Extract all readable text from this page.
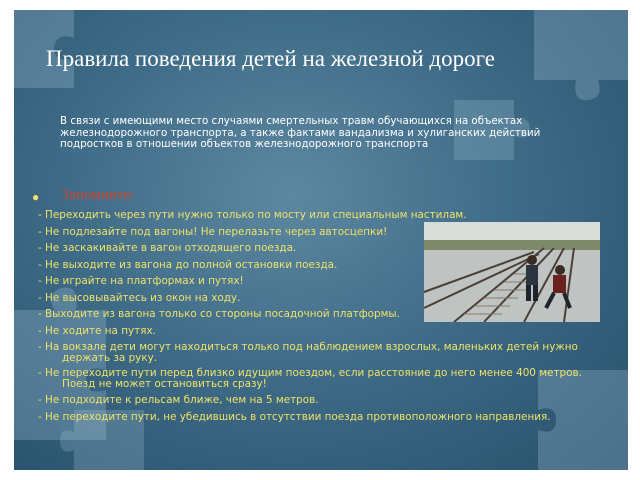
Правила поведения детей на железной дороге
В связи с имеющими место случаями смертельных травм обучающихся на объектах железнодорожного транспорта, а также фактами вандализма и хулиганских действий подростков в отношении объектов железнодорожного транспорта
● Запомните:
- Переходить через пути нужно только по мосту или специальным настилам.
- Не подлезайте под вагоны! Не перелазьте через автосцепки!
- Не заскакивайте в вагон отходящего поезда.
- Не выходите из вагона до полной остановки поезда.
- Не играйте на платформах и путях!
- Не высовывайтесь из окон на ходу.
- Выходите из вагона только со стороны посадочной платформы.
- Не ходите на путях.
- На вокзале дети могут находиться только под наблюдением взрослых, маленьких детей нужно держать за руку.
- Не переходите пути перед близко идущим поездом, если расстояние до него менее 400 метров. Поезд не может остановиться сразу!
- Не подходите к рельсам ближе, чем на 5 метров.
- Не переходите пути, не убедившись в отсутствии поезда противоположного направления.
